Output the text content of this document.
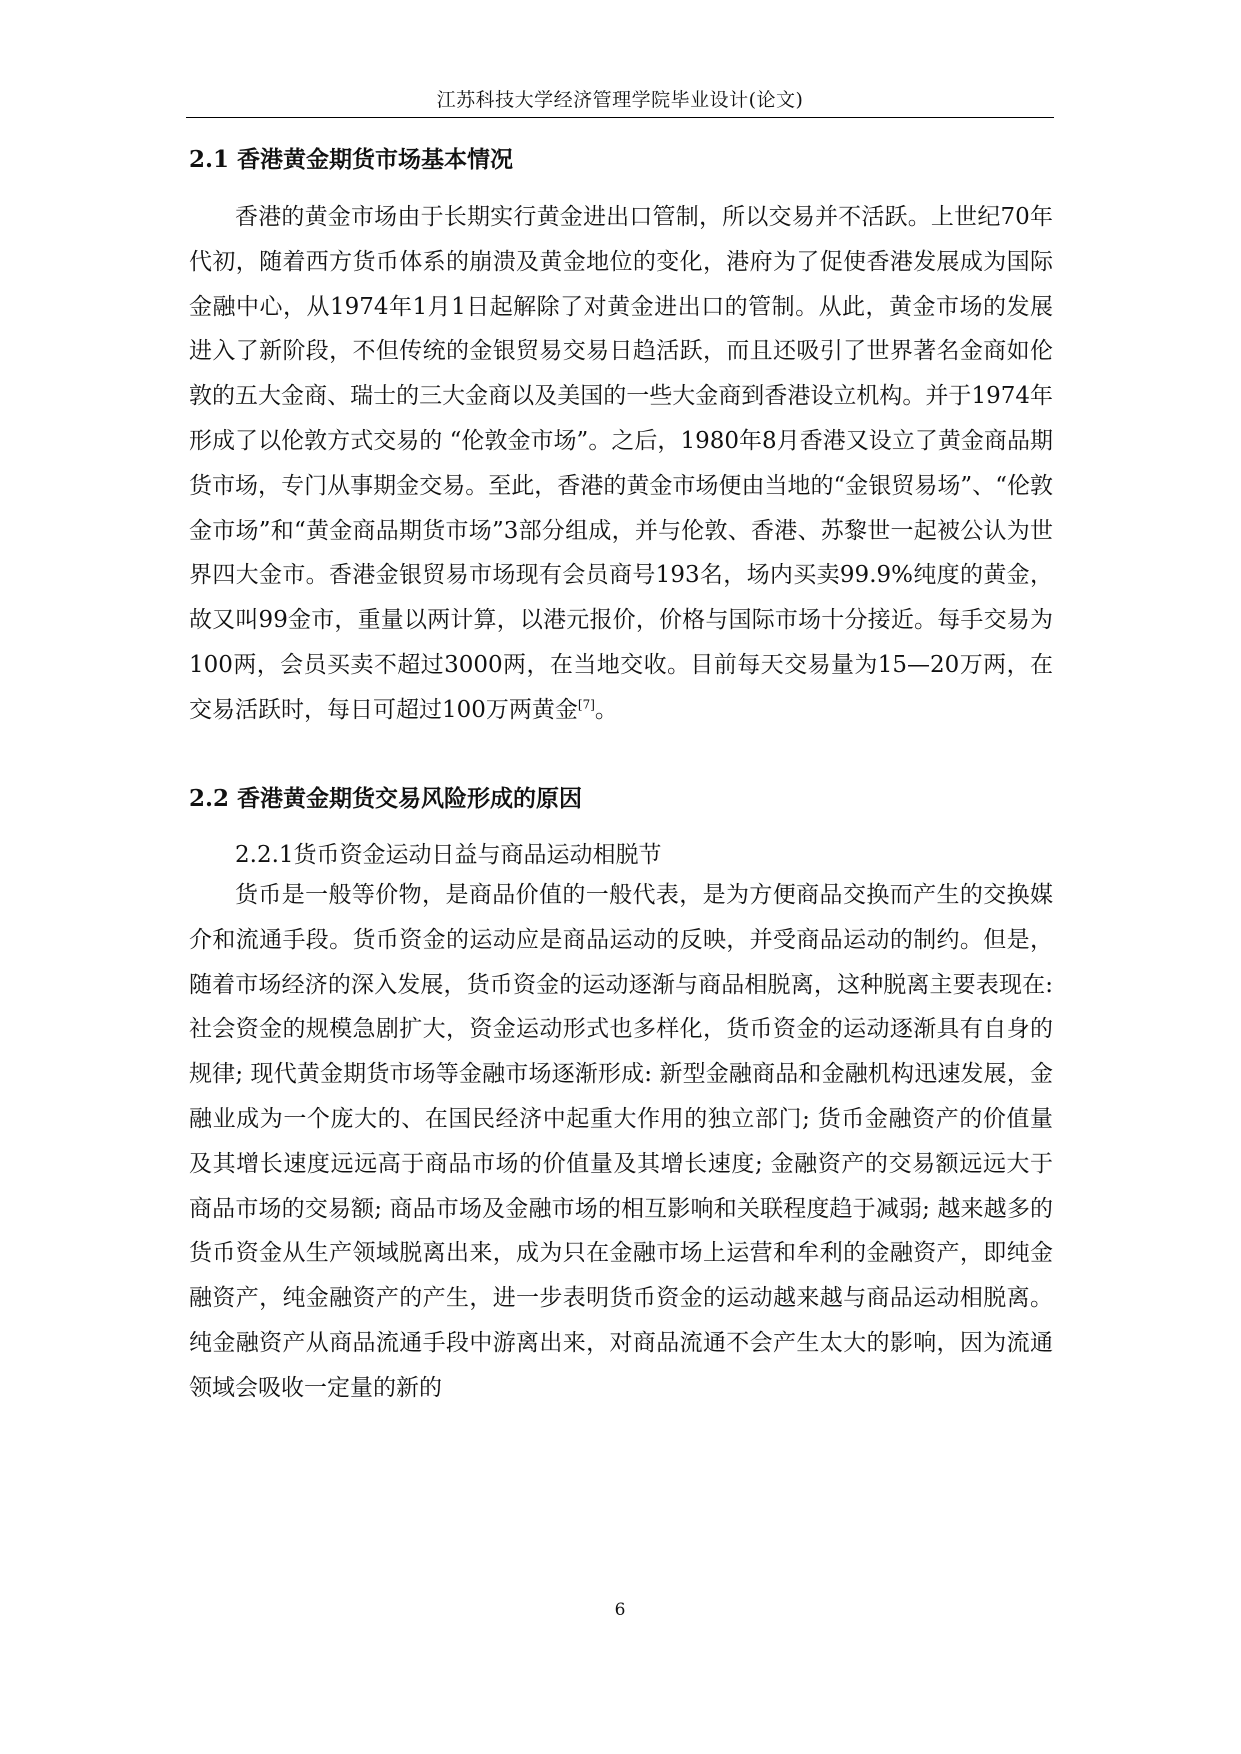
江苏科技大学经济管理学院毕业设计(论文)
2.1 香港黄金期货市场基本情况

香港的黄金市场由于长期实行黄金进出口管制，所以交易并不活跃。上世纪70年代初，随着西方货币体系的崩溃及黄金地位的变化，港府为了促使香港发展成为国际金融中心，从1974年1月1日起解除了对黄金进出口的管制。从此，黄金市场的发展进入了新阶段，不但传统的金银贸易交易日趋活跃，而且还吸引了世界著名金商如伦敦的五大金商、瑞士的三大金商以及美国的一些大金商到香港设立机构。并于1974年形成了以伦敦方式交易的 “伦敦金市场”。之后，1980年8月香港又设立了黄金商品期货市场，专门从事期金交易。至此，香港的黄金市场便由当地的“金银贸易场”、“伦敦金市场”和“黄金商品期货市场”3部分组成，并与伦敦、香港、苏黎世一起被公认为世界四大金市。香港金银贸易市场现有会员商号193名，场内买卖99.9%纯度的黄金，故又叫99金市，重量以两计算，以港元报价，价格与国际市场十分接近。每手交易为100两，会员买卖不超过3000两，在当地交收。目前每天交易量为15—20万两，在交易活跃时，每日可超过100万两黄金[7]。

2.2 香港黄金期货交易风险形成的原因
2.2.1货币资金运动日益与商品运动相脱节

货币是一般等价物，是商品价值的一般代表，是为方便商品交换而产生的交换媒介和流通手段。货币资金的运动应是商品运动的反映，并受商品运动的制约。但是，随着市场经济的深入发展，货币资金的运动逐渐与商品相脱离，这种脱离主要表现在: 社会资金的规模急剧扩大，资金运动形式也多样化，货币资金的运动逐渐具有自身的规律; 现代黄金期货市场等金融市场逐渐形成: 新型金融商品和金融机构迅速发展，金融业成为一个庞大的、在国民经济中起重大作用的独立部门; 货币金融资产的价值量及其增长速度远远高于商品市场的价值量及其增长速度; 金融资产的交易额远远大于商品市场的交易额; 商品市场及金融市场的相互影响和关联程度趋于减弱; 越来越多的货币资金从生产领域脱离出来，成为只在金融市场上运营和牟利的金融资产，即纯金融资产，纯金融资产的产生，进一步表明货币资金的运动越来越与商品运动相脱离。纯金融资产从商品流通手段中游离出来，对商品流通不会产生太大的影响，因为流通领域会吸收一定量的新的

6
